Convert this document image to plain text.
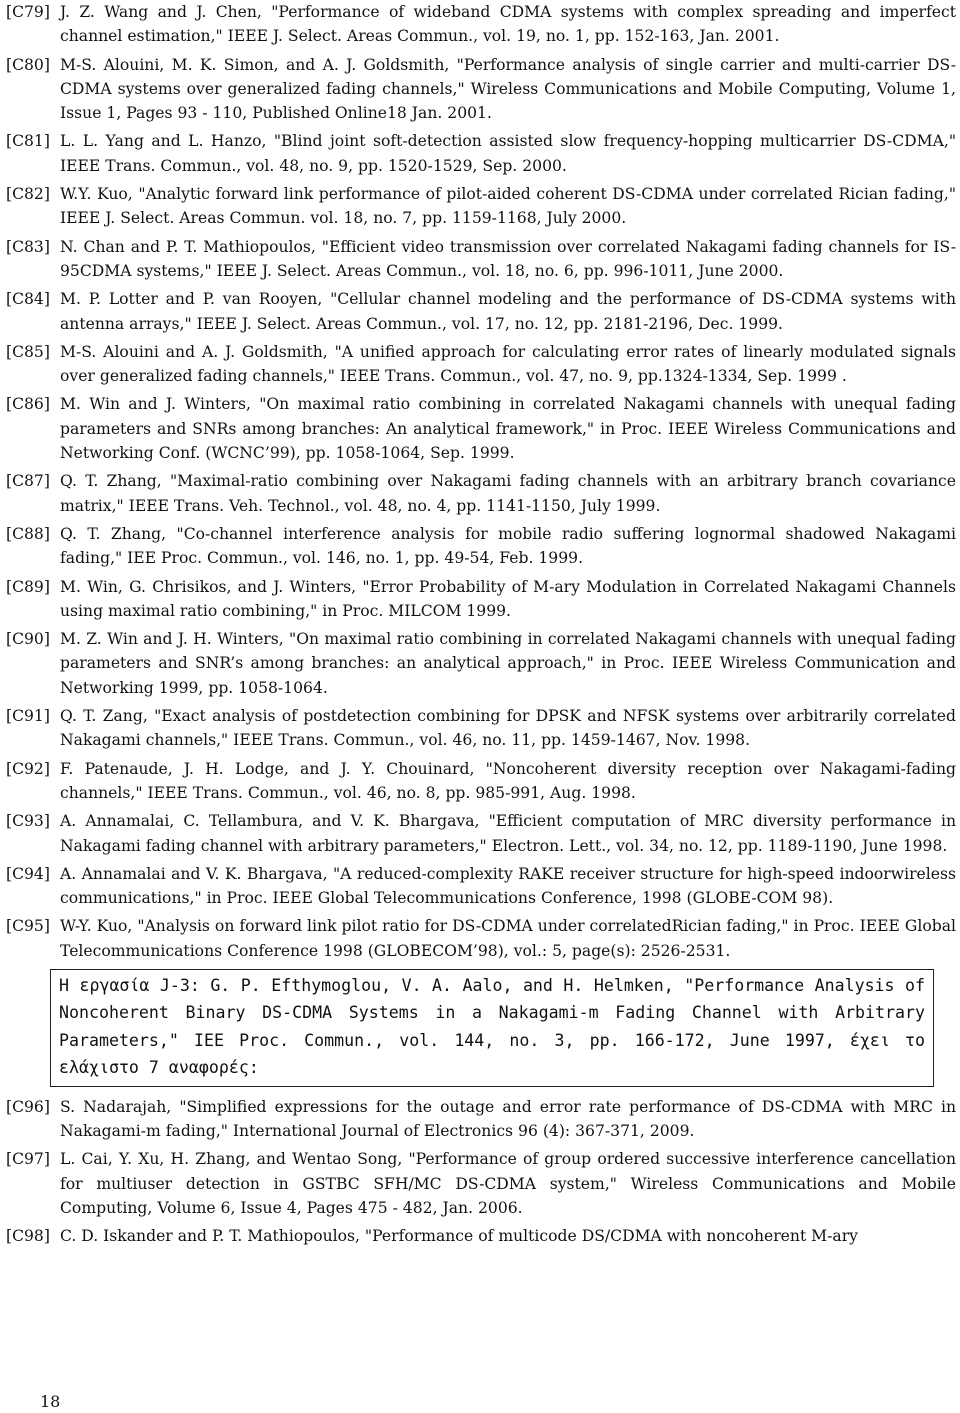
[C79] J. Z. Wang and J. Chen, "Performance of wideband CDMA systems with complex spreading and imperfect channel estimation," IEEE J. Select. Areas Commun., vol. 19, no. 1, pp. 152-163, Jan. 2001.
[C80] M-S. Alouini, M. K. Simon, and A. J. Goldsmith, "Performance analysis of single carrier and multi-carrier DS-CDMA systems over generalized fading channels," Wireless Communications and Mobile Computing, Volume 1, Issue 1, Pages 93 - 110, Published Online18 Jan. 2001.
[C81] L. L. Yang and L. Hanzo, "Blind joint soft-detection assisted slow frequency-hopping multicarrier DS-CDMA," IEEE Trans. Commun., vol. 48, no. 9, pp. 1520-1529, Sep. 2000.
[C82] W.Y. Kuo, "Analytic forward link performance of pilot-aided coherent DS-CDMA under correlated Rician fading," IEEE J. Select. Areas Commun. vol. 18, no. 7, pp. 1159-1168, July 2000.
[C83] N. Chan and P. T. Mathiopoulos, "Efficient video transmission over correlated Nakagami fading channels for IS-95CDMA systems," IEEE J. Select. Areas Commun., vol. 18, no. 6, pp. 996-1011, June 2000.
[C84] M. P. Lotter and P. van Rooyen, "Cellular channel modeling and the performance of DS-CDMA systems with antenna arrays," IEEE J. Select. Areas Commun., vol. 17, no. 12, pp. 2181-2196, Dec. 1999.
[C85] M-S. Alouini and A. J. Goldsmith, "A unified approach for calculating error rates of linearly modulated signals over generalized fading channels," IEEE Trans. Commun., vol. 47, no. 9, pp.1324-1334, Sep. 1999 .
[C86] M. Win and J. Winters, "On maximal ratio combining in correlated Nakagami channels with unequal fading parameters and SNRs among branches: An analytical framework," in Proc. IEEE Wireless Communications and Networking Conf. (WCNC’99), pp. 1058-1064, Sep. 1999.
[C87] Q. T. Zhang, "Maximal-ratio combining over Nakagami fading channels with an arbitrary branch covariance matrix," IEEE Trans. Veh. Technol., vol. 48, no. 4, pp. 1141-1150, July 1999.
[C88] Q. T. Zhang, "Co-channel interference analysis for mobile radio suffering lognormal shadowed Nakagami fading," IEE Proc. Commun., vol. 146, no. 1, pp. 49-54, Feb. 1999.
[C89] M. Win, G. Chrisikos, and J. Winters, "Error Probability of M-ary Modulation in Correlated Nakagami Channels using maximal ratio combining," in Proc. MILCOM 1999.
[C90] M. Z. Win and J. H. Winters, "On maximal ratio combining in correlated Nakagami channels with unequal fading parameters and SNR’s among branches: an analytical approach," in Proc. IEEE Wireless Communication and Networking 1999, pp. 1058-1064.
[C91] Q. T. Zang, "Exact analysis of postdetection combining for DPSK and NFSK systems over arbitrarily correlated Nakagami channels," IEEE Trans. Commun., vol. 46, no. 11, pp. 1459-1467, Nov. 1998.
[C92] F. Patenaude, J. H. Lodge, and J. Y. Chouinard, "Noncoherent diversity reception over Nakagami-fading channels," IEEE Trans. Commun., vol. 46, no. 8, pp. 985-991, Aug. 1998.
[C93] A. Annamalai, C. Tellambura, and V. K. Bhargava, "Efficient computation of MRC diversity performance in Nakagami fading channel with arbitrary parameters," Electron. Lett., vol. 34, no. 12, pp. 1189-1190, June 1998.
[C94] A. Annamalai and V. K. Bhargava, "A reduced-complexity RAKE receiver structure for high-speed indoorwireless communications," in Proc. IEEE Global Telecommunications Conference, 1998 (GLOBE-COM 98).
[C95] W-Y. Kuo, "Analysis on forward link pilot ratio for DS-CDMA under correlatedRician fading," in Proc. IEEE Global Telecommunications Conference 1998 (GLOBECOM’98), vol.: 5, page(s): 2526-2531.
Η εργασία J-3: G. P. Efthymoglou, V. A. Aalo, and H. Helmken, "Performance Analysis of Noncoherent Binary DS-CDMA Systems in a Nakagami-m Fading Channel with Arbitrary Parameters," IEE Proc. Commun., vol. 144, no. 3, pp. 166-172, June 1997, έχει το ελάχιστο 7 αναφορές:
[C96] S. Nadarajah, "Simplified expressions for the outage and error rate performance of DS-CDMA with MRC in Nakagami-m fading," International Journal of Electronics 96 (4): 367-371, 2009.
[C97] L. Cai, Y. Xu, H. Zhang, and Wentao Song, "Performance of group ordered successive interference cancellation for multiuser detection in GSTBC SFH/MC DS-CDMA system," Wireless Communications and Mobile Computing, Volume 6, Issue 4, Pages 475 - 482, Jan. 2006.
[C98] C. D. Iskander and P. T. Mathiopoulos, "Performance of multicode DS/CDMA with noncoherent M-ary
18
